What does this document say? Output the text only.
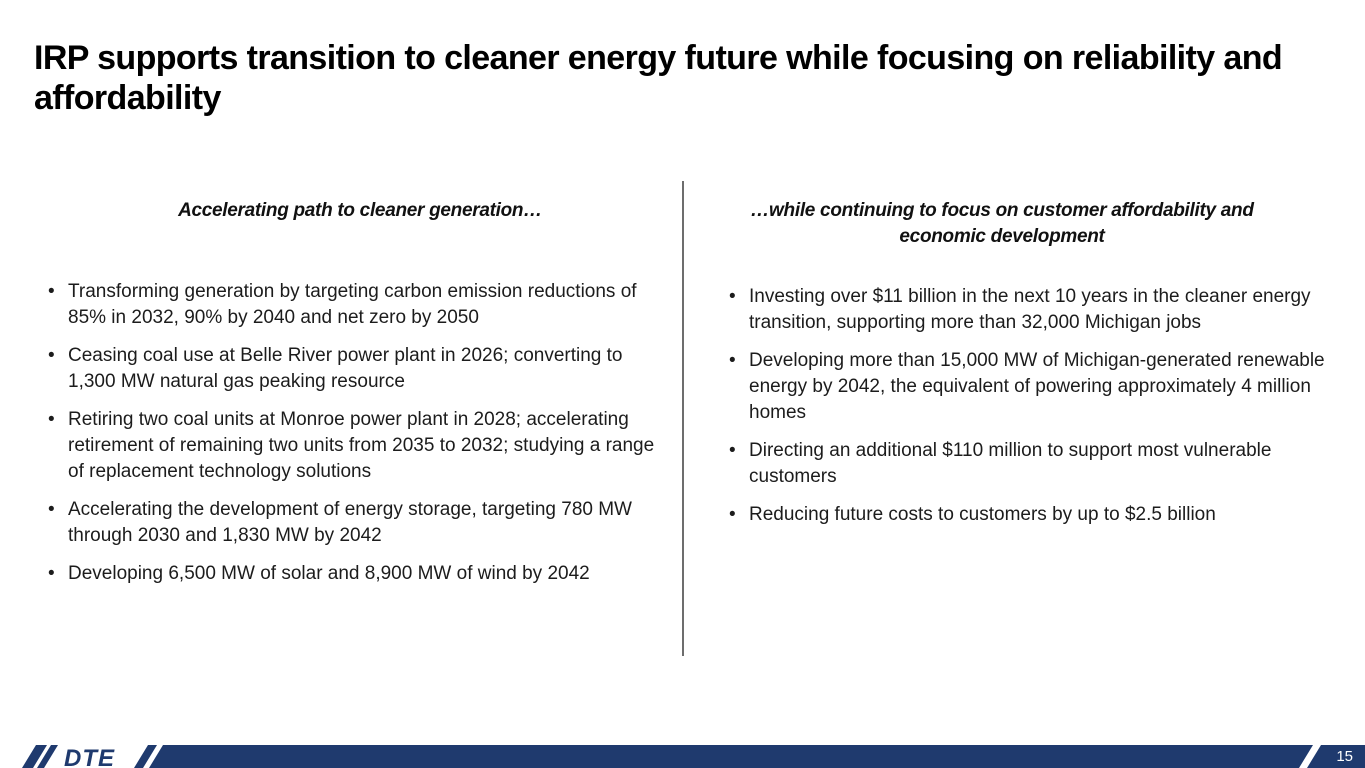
IRP supports transition to cleaner energy future while focusing on reliability and affordability
Accelerating path to cleaner generation…	…while continuing to focus on customer affordability and economic development
• Transforming generation by targeting carbon emission reductions of 85% in 2032, 90% by 2040 and net zero by 2050
• Ceasing coal use at Belle River power plant in 2026; converting to 1,300 MW natural gas peaking resource
• Retiring two coal units at Monroe power plant in 2028; accelerating retirement of remaining two units from 2035 to 2032; studying a range of replacement technology solutions
• Accelerating the development of energy storage, targeting 780 MW through 2030 and 1,830 MW by 2042
• Developing 6,500 MW of solar and 8,900 MW of wind by 2042
• Investing over $11 billion in the next 10 years in the cleaner energy transition, supporting more than 32,000 Michigan jobs
• Developing more than 15,000 MW of Michigan-generated renewable energy by 2042, the equivalent of powering approximately 4 million homes
• Directing an additional $110 million to support most vulnerable customers
• Reducing future costs to customers by up to $2.5 billion
DTE	15
